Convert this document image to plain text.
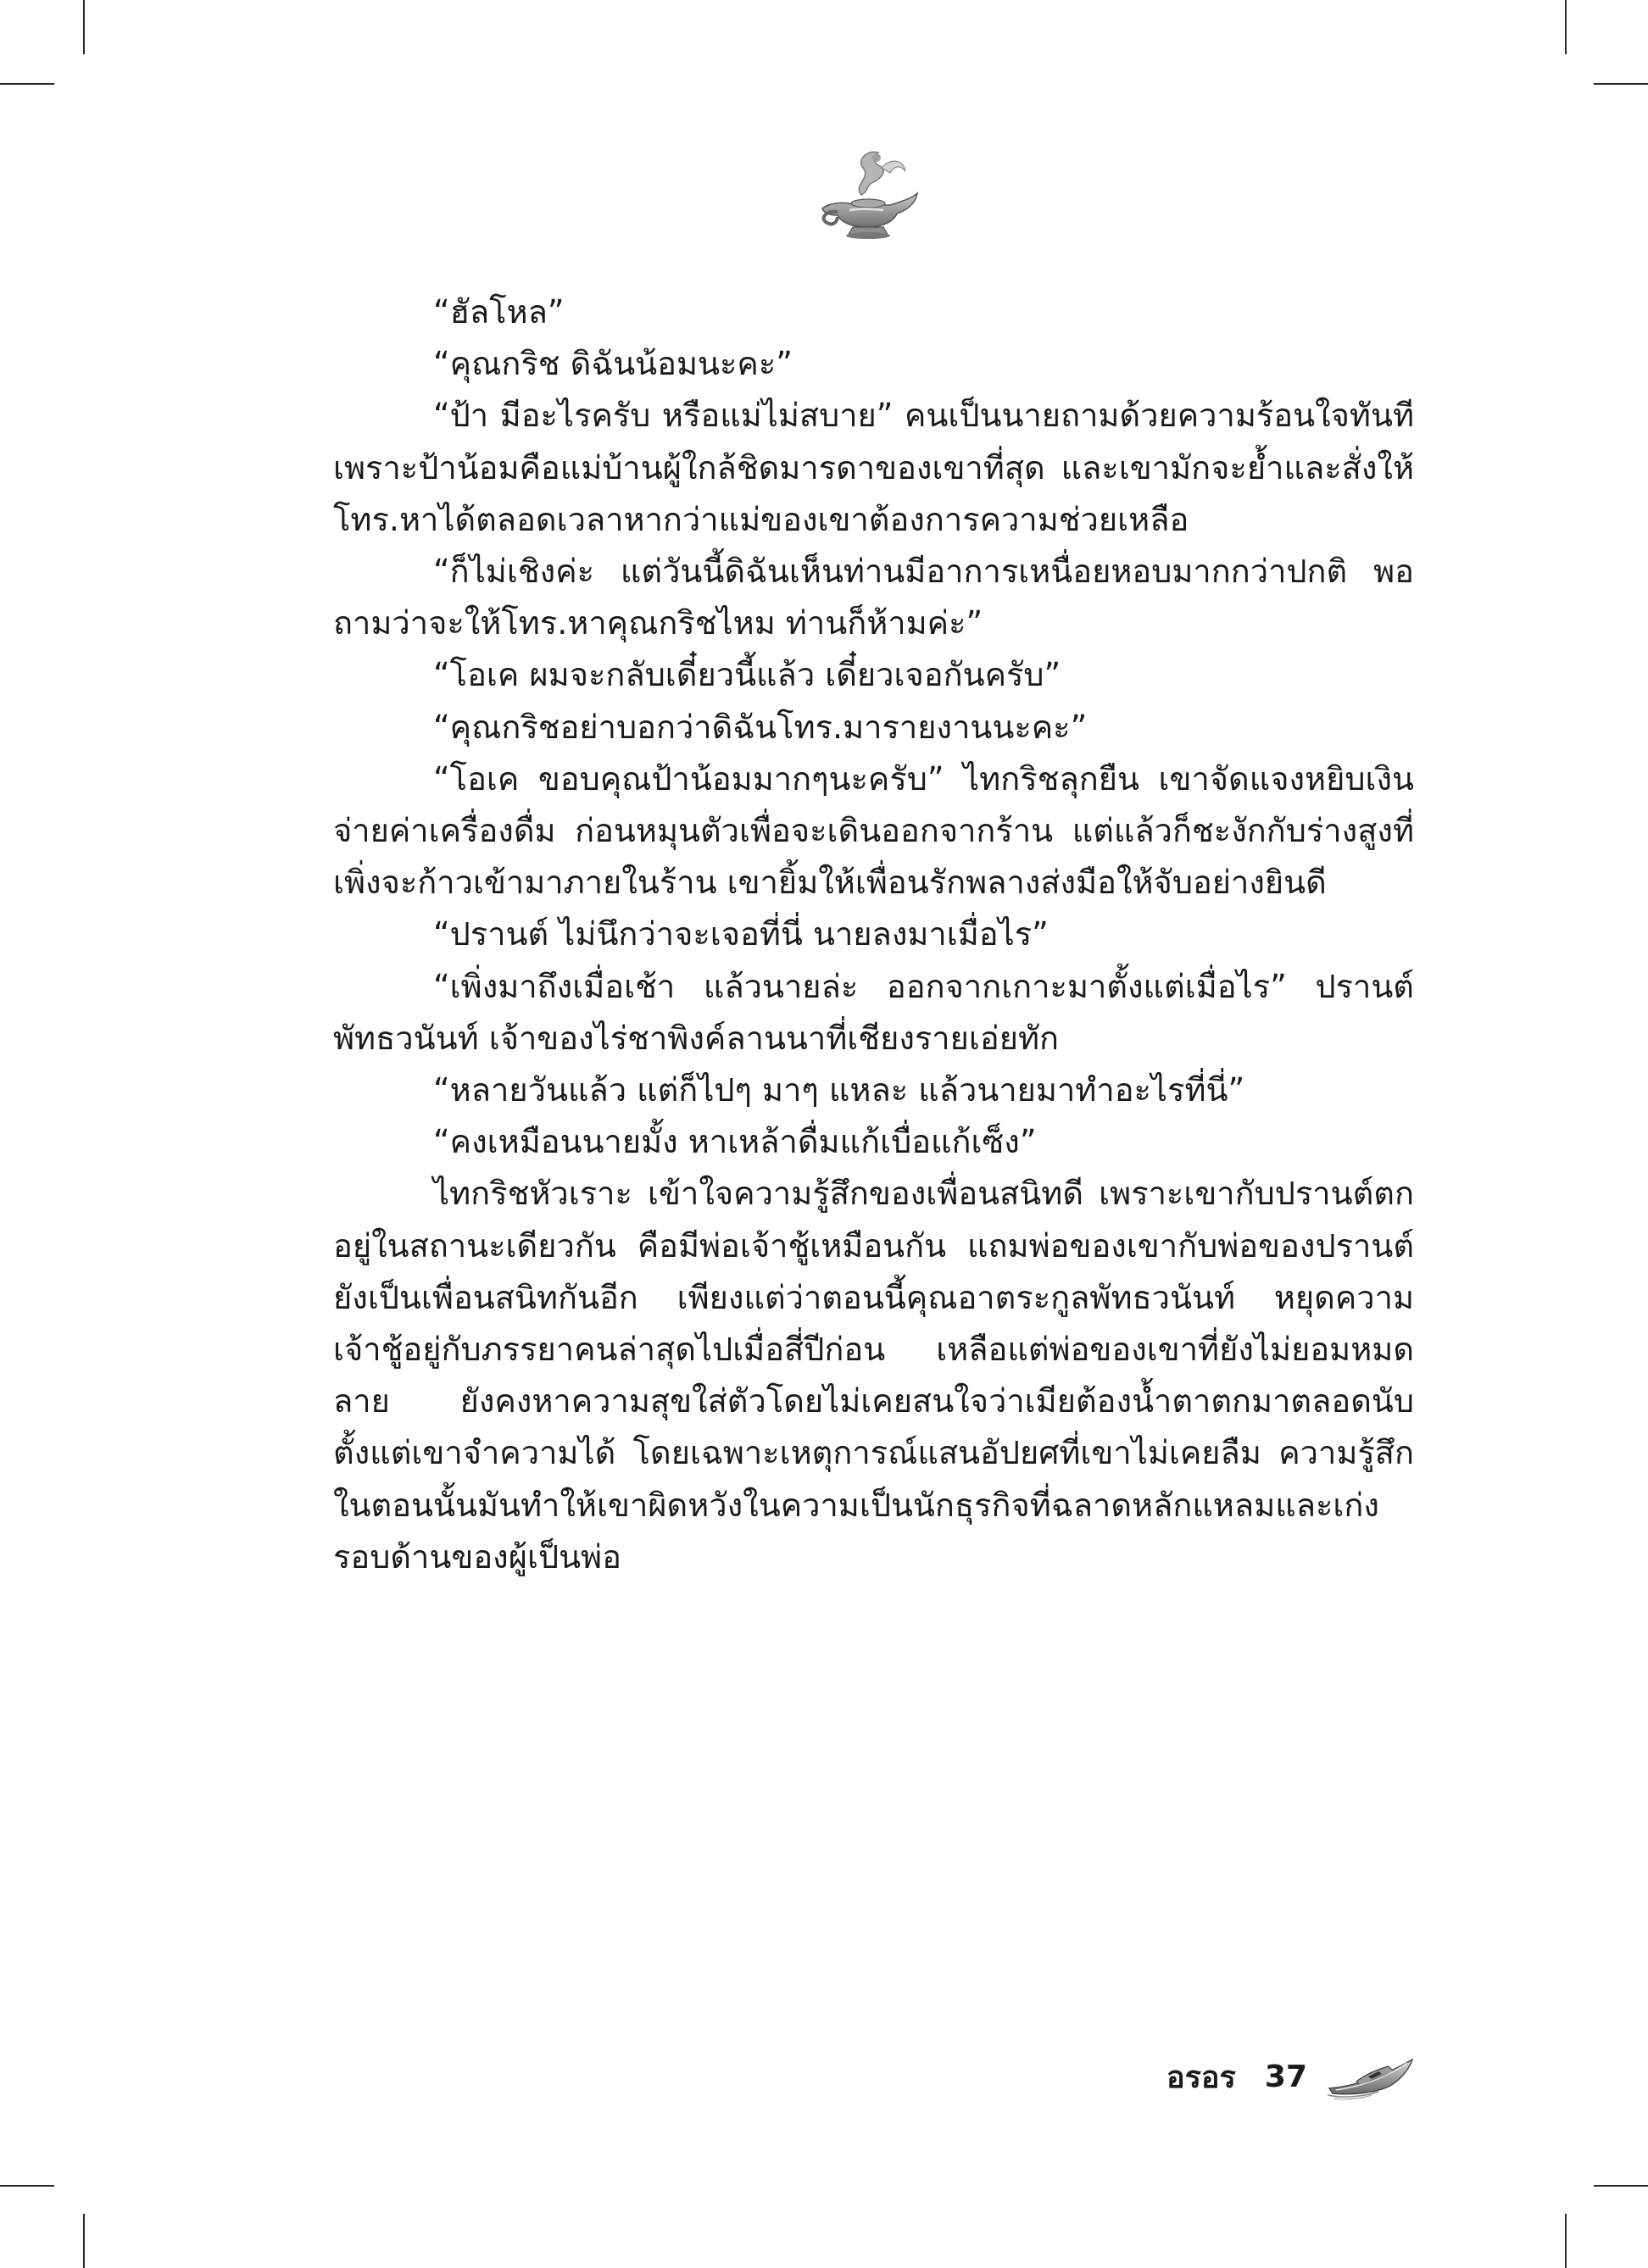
“ฮัลโหล”

“คุณกริช ดิฉันน้อมนะคะ”

“ป้า มีอะไรครับ หรือแม่ไม่สบาย” คนเป็นนายถามด้วยความร้อนใจทันที เพราะป้าน้อมคือแม่บ้านผู้ใกล้ชิดมารดาของเขาที่สุด และเขามักจะย้ำและสั่งให้โทร.หาได้ตลอดเวลาหากว่าแม่ของเขาต้องการความช่วยเหลือ

“ก็ไม่เชิงค่ะ แต่วันนี้ดิฉันเห็นท่านมีอาการเหนื่อยหอบมากกว่าปกติ พอถามว่าจะให้โทร.หาคุณกริชไหม ท่านก็ห้ามค่ะ”

“โอเค ผมจะกลับเดี๋ยวนี้แล้ว เดี๋ยวเจอกันครับ”

“คุณกริชอย่าบอกว่าดิฉันโทร.มารายงานนะคะ”

“โอเค ขอบคุณป้าน้อมมากๆนะครับ” ไทกริชลุกยืน เขาจัดแจงหยิบเงินจ่ายค่าเครื่องดื่ม ก่อนหมุนตัวเพื่อจะเดินออกจากร้าน แต่แล้วก็ชะงักกับร่างสูงที่เพิ่งจะก้าวเข้ามาภายในร้าน เขายิ้มให้เพื่อนรักพลางส่งมือให้จับอย่างยินดี

“ปรานต์ ไม่นึกว่าจะเจอที่นี่ นายลงมาเมื่อไร”

“เพิ่งมาถึงเมื่อเช้า แล้วนายล่ะ ออกจากเกาะมาตั้งแต่เมื่อไร” ปรานต์ พัทธวนันท์ เจ้าของไร่ชาพิงค์ลานนาที่เชียงรายเอ่ยทัก

“หลายวันแล้ว แต่ก็ไปๆ มาๆ แหละ แล้วนายมาทำอะไรที่นี่”

“คงเหมือนนายมั้ง หาเหล้าดื่มแก้เบื่อแก้เซ็ง”

ไทกริชหัวเราะ เข้าใจความรู้สึกของเพื่อนสนิทดี เพราะเขากับปรานต์ตกอยู่ในสถานะเดียวกัน คือมีพ่อเจ้าชู้เหมือนกัน แถมพ่อของเขากับพ่อของปรานต์ยังเป็นเพื่อนสนิทกันอีก เพียงแต่ว่าตอนนี้คุณอาตระกูลพัทธวนันท์ หยุดความเจ้าชู้อยู่กับภรรยาคนล่าสุดไปเมื่อสี่ปีก่อน เหลือแต่พ่อของเขาที่ยังไม่ยอมหมดลาย ยังคงหาความสุขใส่ตัวโดยไม่เคยสนใจว่าเมียต้องน้ำตาตกมาตลอดนับตั้งแต่เขาจำความได้ โดยเฉพาะเหตุการณ์แสนอัปยศที่เขาไม่เคยลืม ความรู้สึกในตอนนั้นมันทำให้เขาผิดหวังในความเป็นนักธุรกิจที่ฉลาดหลักแหลมและเก่งรอบด้านของผู้เป็นพ่อ

อรอร 37
